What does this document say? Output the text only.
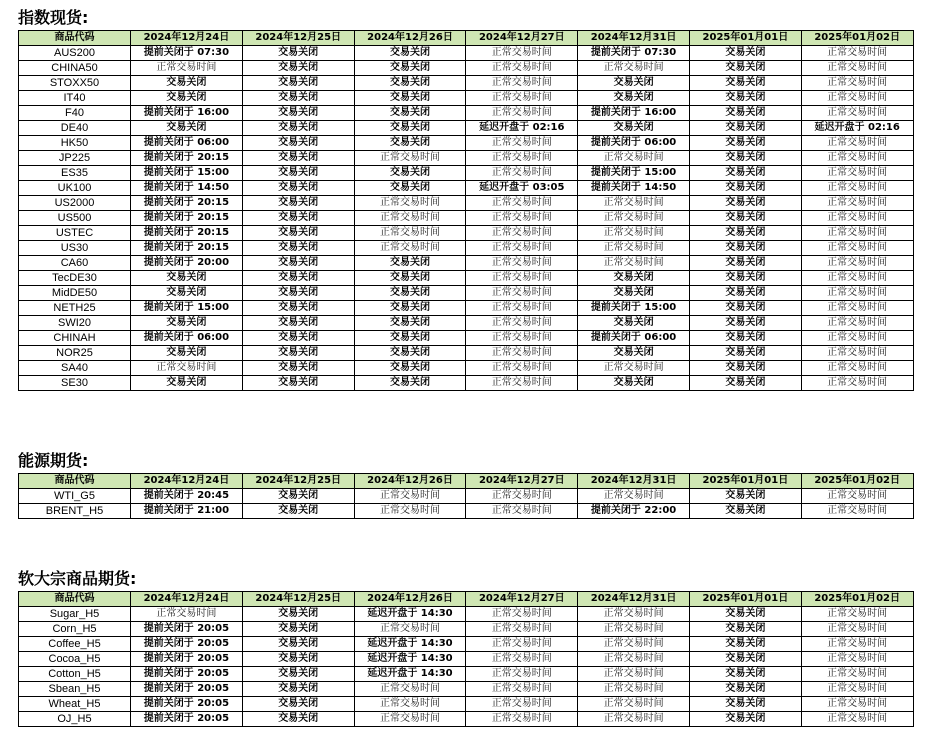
指数现货:
商品代码	2024年12月24日	2024年12月25日	2024年12月26日	2024年12月27日	2024年12月31日	2025年01月01日	2025年01月02日
AUS200	提前关闭于 07:30	交易关闭	交易关闭	正常交易时间	提前关闭于 07:30	交易关闭	正常交易时间
CHINA50	正常交易时间	交易关闭	交易关闭	正常交易时间	正常交易时间	交易关闭	正常交易时间
STOXX50	交易关闭	交易关闭	交易关闭	正常交易时间	交易关闭	交易关闭	正常交易时间
IT40	交易关闭	交易关闭	交易关闭	正常交易时间	交易关闭	交易关闭	正常交易时间
F40	提前关闭于 16:00	交易关闭	交易关闭	正常交易时间	提前关闭于 16:00	交易关闭	正常交易时间
DE40	交易关闭	交易关闭	交易关闭	延迟开盘于 02:16	交易关闭	交易关闭	延迟开盘于 02:16
HK50	提前关闭于 06:00	交易关闭	交易关闭	正常交易时间	提前关闭于 06:00	交易关闭	正常交易时间
JP225	提前关闭于 20:15	交易关闭	正常交易时间	正常交易时间	正常交易时间	交易关闭	正常交易时间
ES35	提前关闭于 15:00	交易关闭	交易关闭	正常交易时间	提前关闭于 15:00	交易关闭	正常交易时间
UK100	提前关闭于 14:50	交易关闭	交易关闭	延迟开盘于 03:05	提前关闭于 14:50	交易关闭	正常交易时间
US2000	提前关闭于 20:15	交易关闭	正常交易时间	正常交易时间	正常交易时间	交易关闭	正常交易时间
US500	提前关闭于 20:15	交易关闭	正常交易时间	正常交易时间	正常交易时间	交易关闭	正常交易时间
USTEC	提前关闭于 20:15	交易关闭	正常交易时间	正常交易时间	正常交易时间	交易关闭	正常交易时间
US30	提前关闭于 20:15	交易关闭	正常交易时间	正常交易时间	正常交易时间	交易关闭	正常交易时间
CA60	提前关闭于 20:00	交易关闭	交易关闭	正常交易时间	正常交易时间	交易关闭	正常交易时间
TecDE30	交易关闭	交易关闭	交易关闭	正常交易时间	交易关闭	交易关闭	正常交易时间
MidDE50	交易关闭	交易关闭	交易关闭	正常交易时间	交易关闭	交易关闭	正常交易时间
NETH25	提前关闭于 15:00	交易关闭	交易关闭	正常交易时间	提前关闭于 15:00	交易关闭	正常交易时间
SWI20	交易关闭	交易关闭	交易关闭	正常交易时间	交易关闭	交易关闭	正常交易时间
CHINAH	提前关闭于 06:00	交易关闭	交易关闭	正常交易时间	提前关闭于 06:00	交易关闭	正常交易时间
NOR25	交易关闭	交易关闭	交易关闭	正常交易时间	交易关闭	交易关闭	正常交易时间
SA40	正常交易时间	交易关闭	交易关闭	正常交易时间	正常交易时间	交易关闭	正常交易时间
SE30	交易关闭	交易关闭	交易关闭	正常交易时间	交易关闭	交易关闭	正常交易时间
能源期货:
商品代码	2024年12月24日	2024年12月25日	2024年12月26日	2024年12月27日	2024年12月31日	2025年01月01日	2025年01月02日
WTI_G5	提前关闭于 20:45	交易关闭	正常交易时间	正常交易时间	正常交易时间	交易关闭	正常交易时间
BRENT_H5	提前关闭于 21:00	交易关闭	正常交易时间	正常交易时间	提前关闭于 22:00	交易关闭	正常交易时间
软大宗商品期货:
商品代码	2024年12月24日	2024年12月25日	2024年12月26日	2024年12月27日	2024年12月31日	2025年01月01日	2025年01月02日
Sugar_H5	正常交易时间	交易关闭	延迟开盘于 14:30	正常交易时间	正常交易时间	交易关闭	正常交易时间
Corn_H5	提前关闭于 20:05	交易关闭	正常交易时间	正常交易时间	正常交易时间	交易关闭	正常交易时间
Coffee_H5	提前关闭于 20:05	交易关闭	延迟开盘于 14:30	正常交易时间	正常交易时间	交易关闭	正常交易时间
Cocoa_H5	提前关闭于 20:05	交易关闭	延迟开盘于 14:30	正常交易时间	正常交易时间	交易关闭	正常交易时间
Cotton_H5	提前关闭于 20:05	交易关闭	延迟开盘于 14:30	正常交易时间	正常交易时间	交易关闭	正常交易时间
Sbean_H5	提前关闭于 20:05	交易关闭	正常交易时间	正常交易时间	正常交易时间	交易关闭	正常交易时间
Wheat_H5	提前关闭于 20:05	交易关闭	正常交易时间	正常交易时间	正常交易时间	交易关闭	正常交易时间
OJ_H5	提前关闭于 20:05	交易关闭	正常交易时间	正常交易时间	正常交易时间	交易关闭	正常交易时间
